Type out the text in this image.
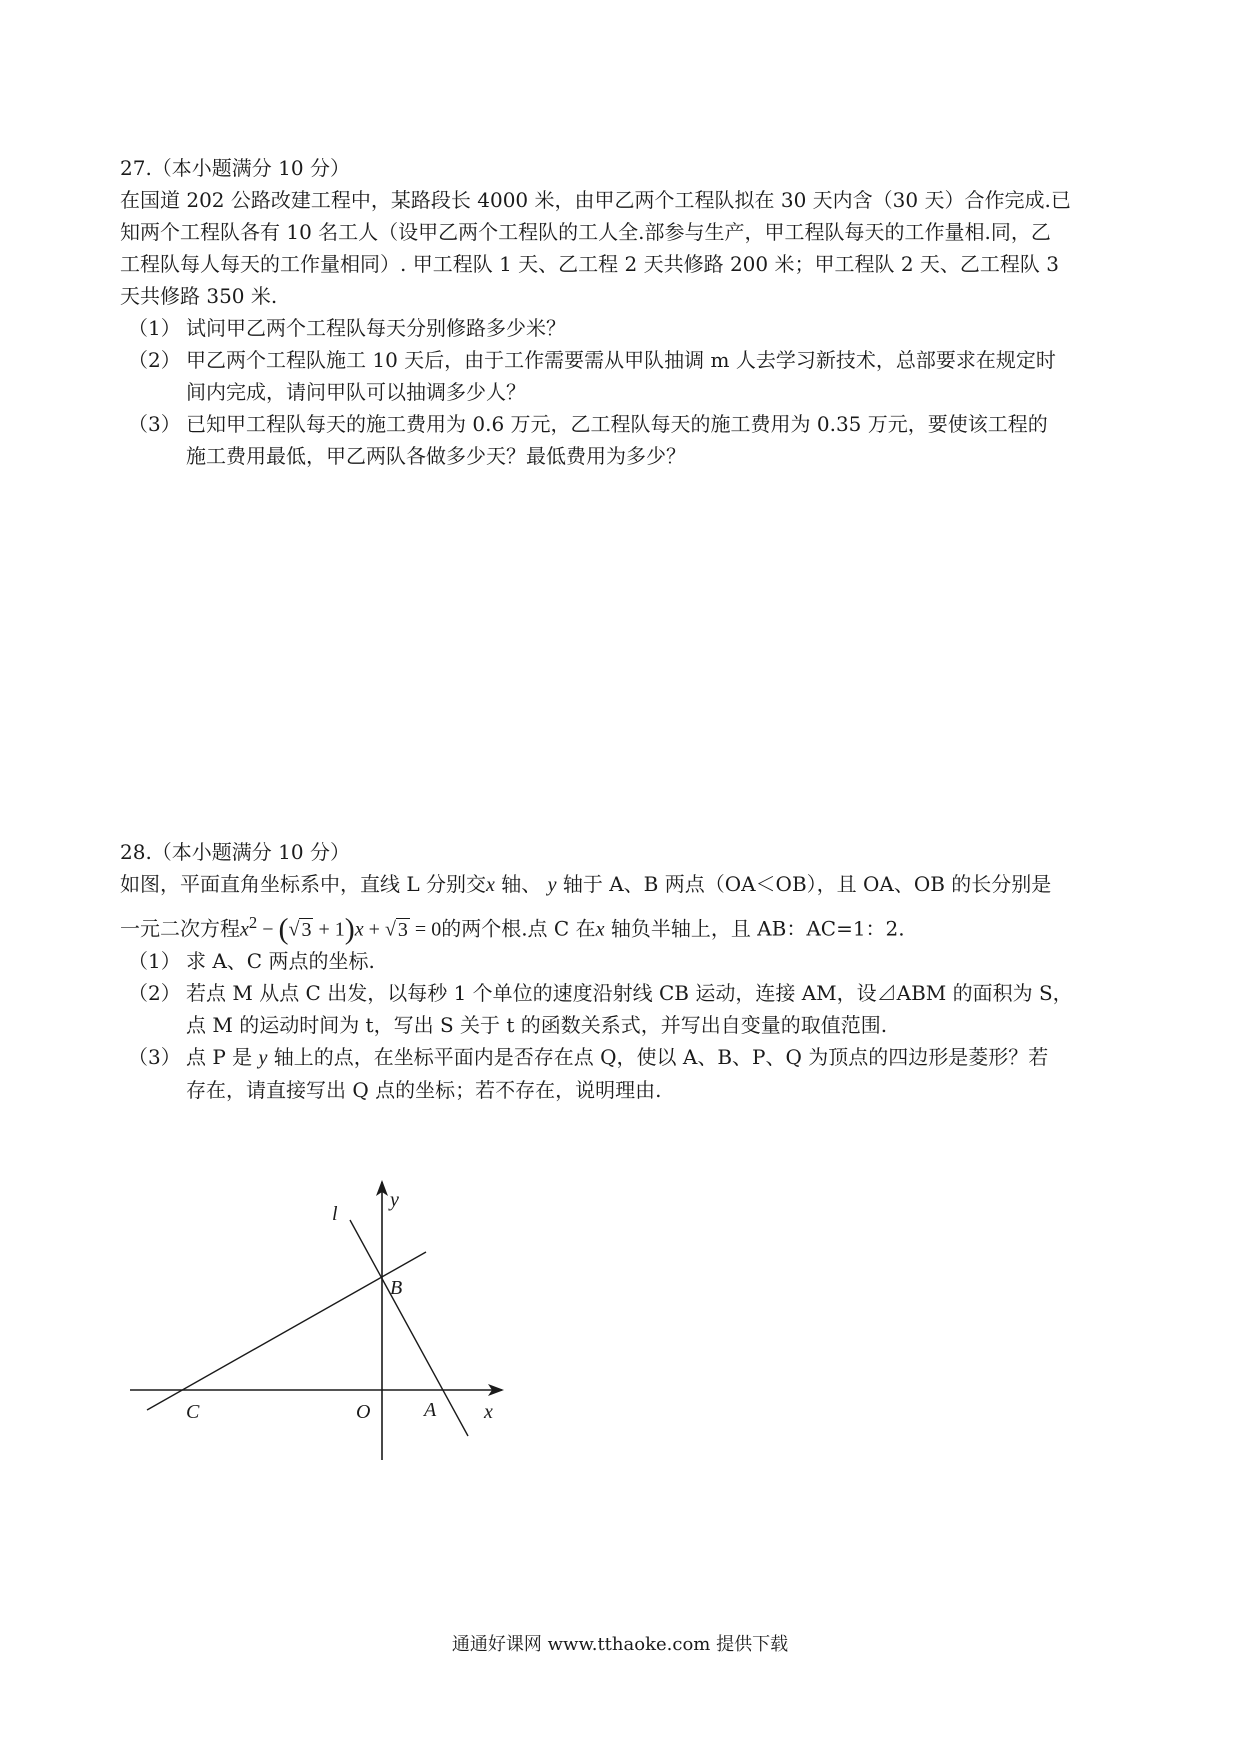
27.（本小题满分 10 分）
在国道 202 公路改建工程中，某路段长 4000 米，由甲乙两个工程队拟在 30 天内含（30 天）合作完成.已
知两个工程队各有 10 名工人（设甲乙两个工程队的工人全.部参与生产，甲工程队每天的工作量相.同，乙
工程队每人每天的工作量相同）. 甲工程队 1 天、乙工程 2 天共修路 200 米；甲工程队 2 天、乙工程队 3
天共修路 350 米.
（1） 试问甲乙两个工程队每天分别修路多少米？
（2） 甲乙两个工程队施工 10 天后，由于工作需要需从甲队抽调 m 人去学习新技术，总部要求在规定时
间内完成，请问甲队可以抽调多少人？
（3） 已知甲工程队每天的施工费用为 0.6 万元，乙工程队每天的施工费用为 0.35 万元，要使该工程的
施工费用最低，甲乙两队各做多少天？最低费用为多少？
28.（本小题满分 10 分）
如图，平面直角坐标系中，直线 L 分别交x 轴、 y 轴于 A、B 两点（OA＜OB），且 OA、OB 的长分别是
一元二次方程$x^2$ − (√ 3 + 1)x + √ 3 = 0的两个根.点 C 在x 轴负半轴上，且 AB：AC=1：2.
（1） 求 A、C 两点的坐标.
（2） 若点 M 从点 C 出发，以每秒 1 个单位的速度沿射线 CB 运动，连接 AM，设⊿ABM 的面积为 S，
点 M 的运动时间为 t，写出 S 关于 t 的函数关系式，并写出自变量的取值范围.
（3） 点 P 是 y 轴上的点，在坐标平面内是否存在点 Q，使以 A、B、P、Q 为顶点的四边形是菱形？若
存在，请直接写出 Q 点的坐标；若不存在，说明理由.
l
y
B
C	O	A x
通通好课网 www.tthaoke.com 提供下载
